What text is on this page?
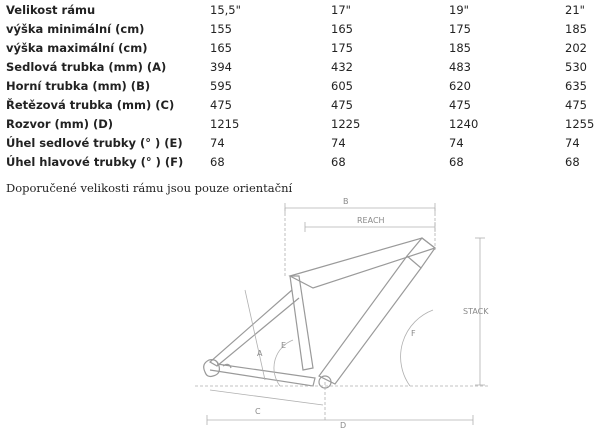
Velikost rámu	15,5"	17"	19"	21"
výška minimální (cm)	155	165	175	185
výška maximální (cm)	165	175	185	202
Sedlová trubka (mm) (A)	394	432	483	530
Horní trubka (mm) (B)	595	605	620	635
Řetězová trubka (mm) (C)	475	475	475	475
Rozvor (mm) (D)	1215	1225	1240	1255
Úhel sedlové trubky (° ) (E)	74	74	74	74
Úhel hlavové trubky (° ) (F)	68	68	68	68
Doporučené velikosti rámu jsou pouze orientační
B
REACH
STACK
A
E
F
C
D
